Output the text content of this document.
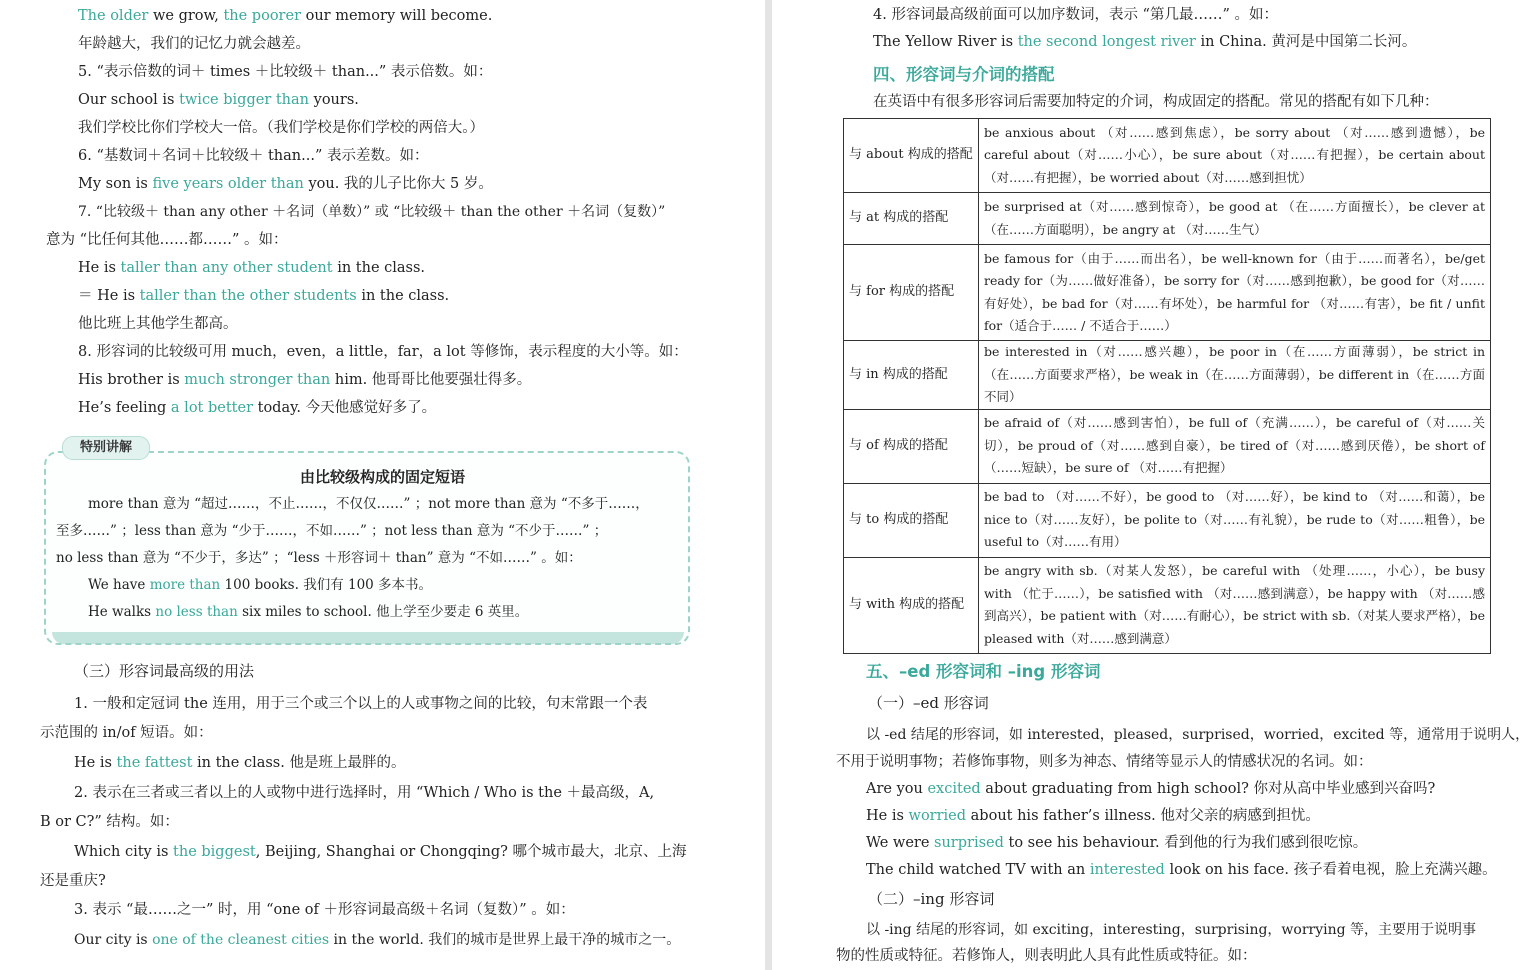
The older we grow, the poorer our memory will become.
年龄越大，我们的记忆力就会越差。
5. “表示倍数的词＋ times ＋比较级＋ than...” 表示倍数。如：
Our school is twice bigger than yours.
我们学校比你们学校大一倍。（我们学校是你们学校的两倍大。）
6. “基数词＋名词＋比较级＋ than...” 表示差数。如：
My son is five years older than you. 我的儿子比你大 5 岁。
7. “比较级＋ than any other ＋名词（单数）” 或 “比较级＋ than the other ＋名词（复数）”
意为 “比任何其他……都……” 。如：
He is taller than any other student in the class.
＝ He is taller than the other students in the class.
他比班上其他学生都高。
8. 形容词的比较级可用 much，even，a little，far，a lot 等修饰，表示程度的大小等。如：
His brother is much stronger than him. 他哥哥比他要强壮得多。
He’s feeling a lot better today. 今天他感觉好多了。
特别讲解
由比较级构成的固定短语
more than 意为 “超过……，不止……，不仅仅……” ；not more than 意为 “不多于……，
至多……” ；less than 意为 “少于……，不如……” ；not less than 意为 “不少于……” ；
no less than 意为 “不少于，多达” ；“less ＋形容词＋ than” 意为 “不如……” 。如：
We have more than 100 books. 我们有 100 多本书。
He walks no less than six miles to school. 他上学至少要走 6 英里。
（三）形容词最高级的用法
1. 一般和定冠词 the 连用，用于三个或三个以上的人或事物之间的比较，句末常跟一个表
示范围的 in/of 短语。如：
He is the fattest in the class. 他是班上最胖的。
2. 表示在三者或三者以上的人或物中进行选择时，用 “Which / Who is the ＋最高级，A,
B or C?” 结构。如：
Which city is the biggest, Beijing, Shanghai or Chongqing? 哪个城市最大，北京、上海
还是重庆?
3. 表示 “最……之一” 时，用 “one of ＋形容词最高级＋名词（复数）” 。如：
Our city is one of the cleanest cities in the world. 我们的城市是世界上最干净的城市之一。
4. 形容词最高级前面可以加序数词，表示 “第几最……” 。如：
The Yellow River is the second longest river in China. 黄河是中国第二长河。
四、形容词与介词的搭配
在英语中有很多形容词后需要加特定的介词，构成固定的搭配。常见的搭配有如下几种：
与 about 构成的搭配	be anxious about （对……感到焦虑），be sorry about （对……感到遗憾），be careful about（对……小心），be sure about（对……有把握），be certain about（对……有把握），be worried about（对……感到担忧）
与 at 构成的搭配	be surprised at（对……感到惊奇），be good at （在……方面擅长），be clever at（在……方面聪明），be angry at （对……生气）
与 for 构成的搭配	be famous for（由于……而出名），be well-known for（由于……而著名），be/get ready for（为……做好准备），be sorry for（对……感到抱歉），be good for（对……有好处），be bad for（对……有坏处），be harmful for （对……有害），be fit / unfit for（适合于…… / 不适合于……）
与 in 构成的搭配	be interested in（对……感兴趣），be poor in（在……方面薄弱），be strict in（在……方面要求严格），be weak in（在……方面薄弱），be different in（在……方面不同）
与 of 构成的搭配	be afraid of（对……感到害怕），be full of（充满……），be careful of（对……关切），be proud of（对……感到自豪），be tired of（对……感到厌倦），be short of（……短缺），be sure of （对……有把握）
与 to 构成的搭配	be bad to （对……不好），be good to （对……好），be kind to （对……和蔼），be nice to（对……友好），be polite to（对……有礼貌），be rude to（对……粗鲁），be useful to（对……有用）
与 with 构成的搭配	be angry with sb.（对某人发怒），be careful with （处理……，小心），be busy with （忙于……），be satisfied with （对……感到满意），be happy with （对……感到高兴），be patient with（对……有耐心），be strict with sb.（对某人要求严格），be pleased with（对……感到满意）
五、–ed 形容词和 –ing 形容词
（一）–ed 形容词
以 -ed 结尾的形容词，如 interested，pleased，surprised，worried，excited 等，通常用于说明人，
不用于说明事物；若修饰事物，则多为神态、情绪等显示人的情感状况的名词。如：
Are you excited about graduating from high school? 你对从高中毕业感到兴奋吗?
He is worried about his father’s illness. 他对父亲的病感到担忧。
We were surprised to see his behaviour. 看到他的行为我们感到很吃惊。
The child watched TV with an interested look on his face. 孩子看着电视，脸上充满兴趣。
（二）–ing 形容词
以 -ing 结尾的形容词，如 exciting，interesting，surprising，worrying 等，主要用于说明事
物的性质或特征。若修饰人，则表明此人具有此性质或特征。如：
